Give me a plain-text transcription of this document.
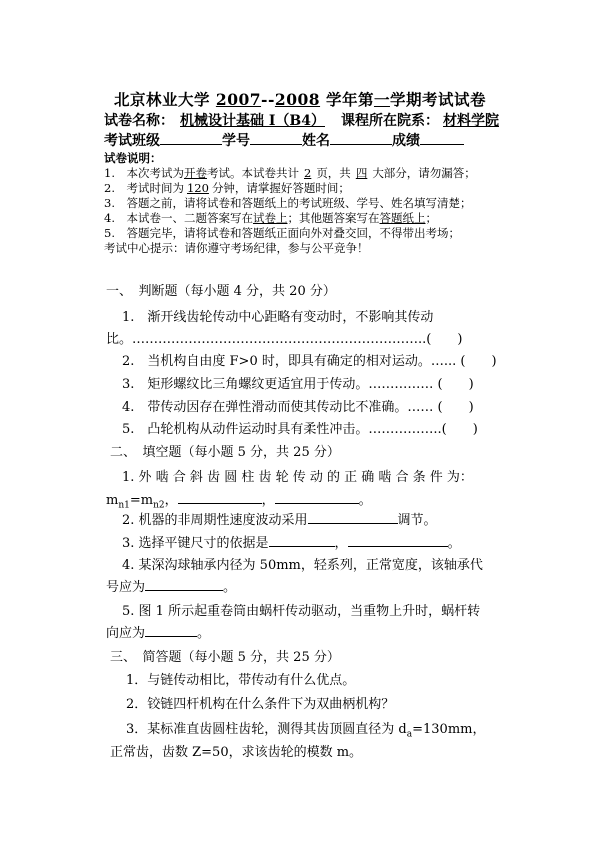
北京林业大学 2007--2008 学年第一学期考试试卷
试卷名称： 机械设计基础 I（B4） 课程所在院系： 材料学院
考试班级	学号	姓名	成绩
试卷说明：
1.　本次考试为开卷考试。本试卷共计 2 页，共 四 大部分，请勿漏答；
2.　考试时间为 120 分钟，请掌握好答题时间；
3.　答题之前，请将试卷和答题纸上的考试班级、学号、姓名填写清楚；
4.　本试卷一、二题答案写在试卷上；其他题答案写在答题纸上；
5.　答题完毕，请将试卷和答题纸正面向外对叠交回，不得带出考场；
考试中心提示：请你遵守考场纪律，参与公平竞争！
一、　判断题（每小题 4 分，共 20 分）
1.　渐开线齿轮传动中心距略有变动时，不影响其传动
比。…………………………………………………………..(　　)
2.　当机构自由度 F>0 时，即具有确定的相对运动。…... (　　)
3.　矩形螺纹比三角螺纹更适宜用于传动。…………… (　　)
4.　带传动因存在弹性滑动而使其传动比不准确。…… (　　)
5.　凸轮机构从动件运动时具有柔性冲击。……………..(　　)
二、　填空题（每小题 5 分，共 25 分）
1. 外 啮 合 斜 齿 圆 柱 齿 轮 传 动 的 正 确 啮 合 条 件 为：
$m_{n1}=m_{n2}$，	，	。
2. 机器的非周期性速度波动采用	调节。
3. 选择平键尺寸的依据是	，	。
4. 某深沟球轴承内径为 50mm，轻系列，正常宽度，该轴承代
号应为	。
5. 图 1 所示起重卷筒由蜗杆传动驱动，当重物上升时，蜗杆转
向应为	。
三、　简答题（每小题 5 分，共 25 分）
1．与链传动相比，带传动有什么优点。
2．铰链四杆机构在什么条件下为双曲柄机构？
3．某标准直齿圆柱齿轮，测得其齿顶圆直径为 $d_a=130mm$，
正常齿，齿数 Z=50，求该齿轮的模数 m。
